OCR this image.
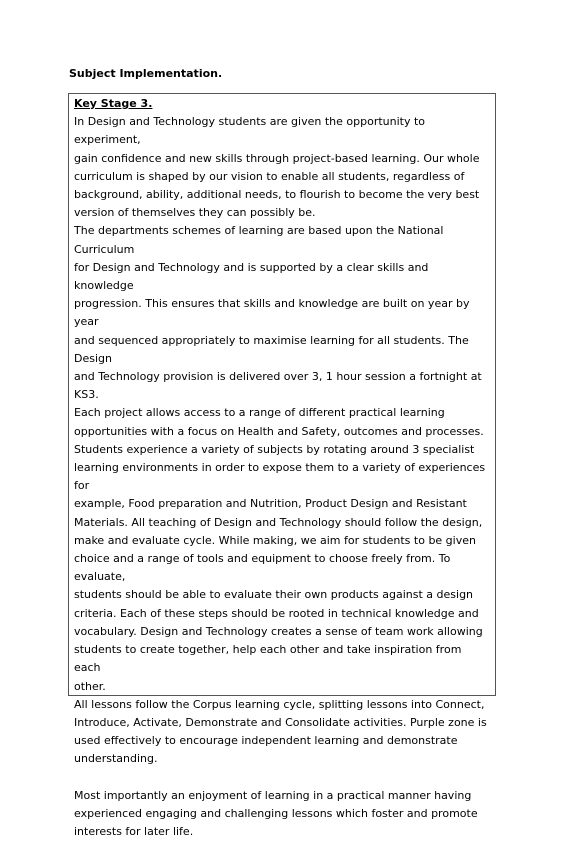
Subject Implementation.

Key Stage 3.

In Design and Technology students are given the opportunity to experiment,
gain confidence and new skills through project-based learning. Our whole
curriculum is shaped by our vision to enable all students, regardless of
background, ability, additional needs, to flourish to become the very best
version of themselves they can possibly be.

The departments schemes of learning are based upon the National Curriculum
for Design and Technology and is supported by a clear skills and knowledge
progression. This ensures that skills and knowledge are built on year by year
and sequenced appropriately to maximise learning for all students. The Design
and Technology provision is delivered over 3, 1 hour session a fortnight at KS3.
Each project allows access to a range of different practical learning
opportunities with a focus on Health and Safety, outcomes and processes.
Students experience a variety of subjects by rotating around 3 specialist
learning environments in order to expose them to a variety of experiences for
example, Food preparation and Nutrition, Product Design and Resistant
Materials. All teaching of Design and Technology should follow the design,
make and evaluate cycle. While making, we aim for students to be given
choice and a range of tools and equipment to choose freely from. To evaluate,
students should be able to evaluate their own products against a design
criteria. Each of these steps should be rooted in technical knowledge and
vocabulary. Design and Technology creates a sense of team work allowing
students to create together, help each other and take inspiration from each
other.

All lessons follow the Corpus learning cycle, splitting lessons into Connect,
Introduce, Activate, Demonstrate and Consolidate activities. Purple zone is
used effectively to encourage independent learning and demonstrate
understanding.

Most importantly an enjoyment of learning in a practical manner having
experienced engaging and challenging lessons which foster and promote
interests for later life.
